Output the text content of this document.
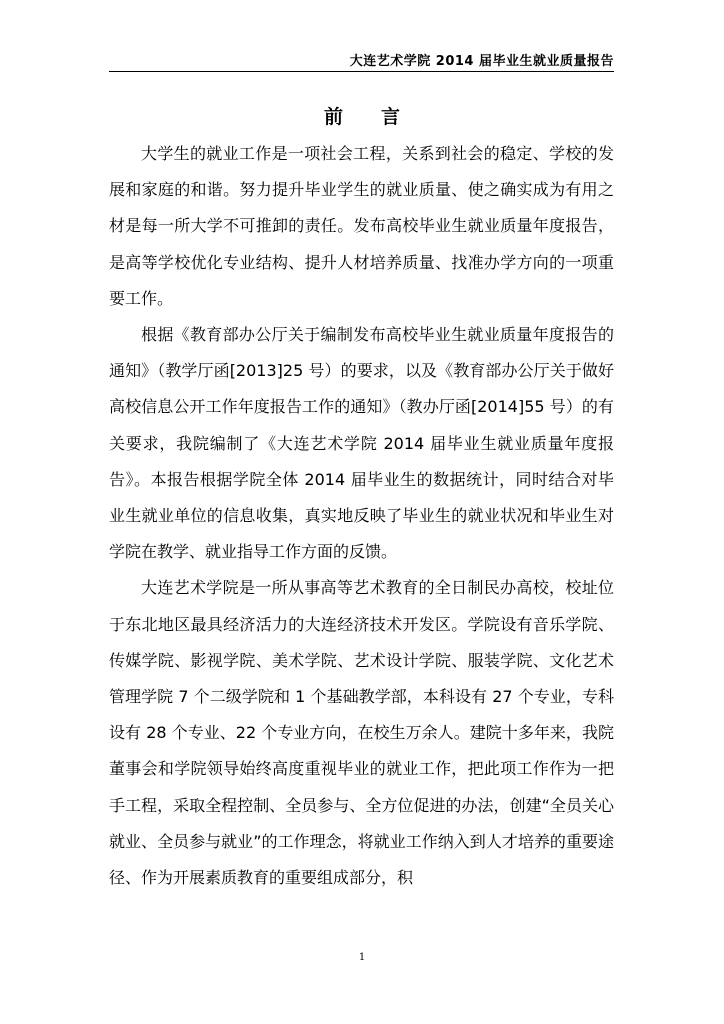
大连艺术学院 2014 届毕业生就业质量报告
前言

大学生的就业工作是一项社会工程，关系到社会的稳定、学校的发展和家庭的和谐。努力提升毕业学生的就业质量、使之确实成为有用之材是每一所大学不可推卸的责任。发布高校毕业生就业质量年度报告，是高等学校优化专业结构、提升人材培养质量、找准办学方向的一项重要工作。

根据《教育部办公厅关于编制发布高校毕业生就业质量年度报告的通知》（教学厅函[2013]25 号）的要求，以及《教育部办公厅关于做好高校信息公开工作年度报告工作的通知》（教办厅函[2014]55 号）的有关要求，我院编制了《大连艺术学院 2014 届毕业生就业质量年度报告》。本报告根据学院全体 2014 届毕业生的数据统计，同时结合对毕业生就业单位的信息收集，真实地反映了毕业生的就业状况和毕业生对学院在教学、就业指导工作方面的反馈。

大连艺术学院是一所从事高等艺术教育的全日制民办高校，校址位于东北地区最具经济活力的大连经济技术开发区。学院设有音乐学院、传媒学院、影视学院、美术学院、艺术设计学院、服装学院、文化艺术管理学院 7 个二级学院和 1 个基础教学部，本科设有 27 个专业，专科设有 28 个专业、22 个专业方向，在校生万余人。建院十多年来，我院董事会和学院领导始终高度重视毕业的就业工作，把此项工作作为一把手工程，采取全程控制、全员参与、全方位促进的办法，创建“全员关心就业、全员参与就业”的工作理念，将就业工作纳入到人才培养的重要途径、作为开展素质教育的重要组成部分，积

1
